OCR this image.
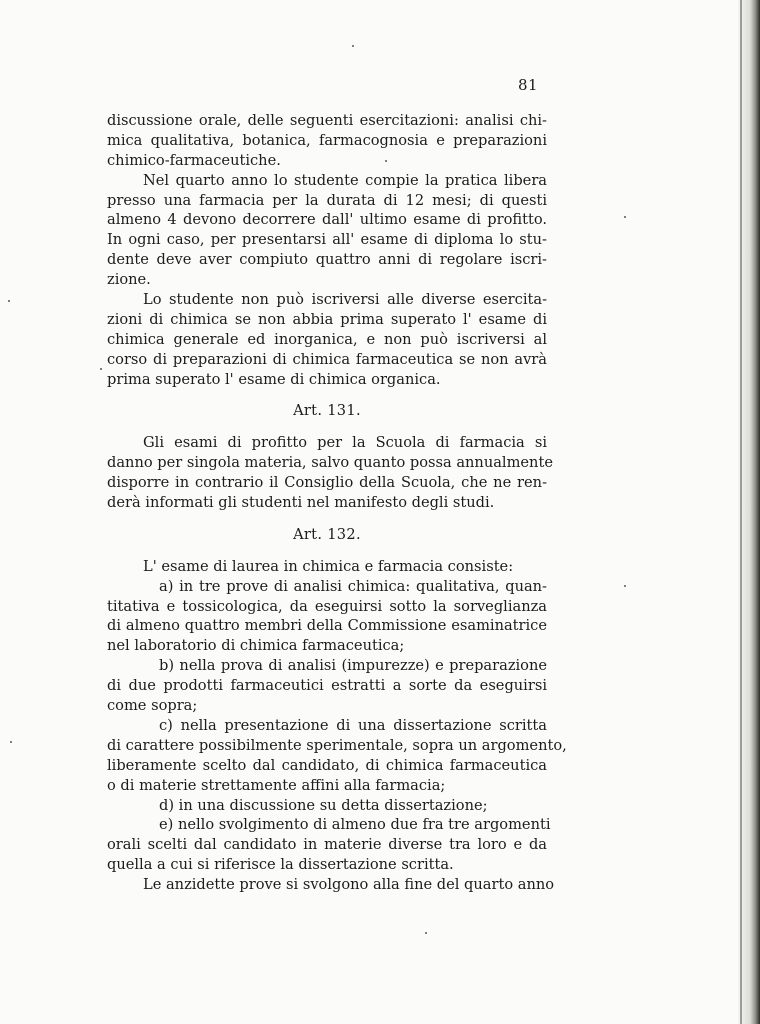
81
discussione orale, delle seguenti esercitazioni: analisi chi-
mica qualitativa, botanica, farmacognosia e preparazioni
chimico-farmaceutiche.
Nel quarto anno lo studente compie la pratica libera
presso una farmacia per la durata di 12 mesi; di questi
almeno 4 devono decorrere dall' ultimo esame di profitto.
In ogni caso, per presentarsi all' esame di diploma lo stu-
dente deve aver compiuto quattro anni di regolare iscri-
zione.
Lo studente non può iscriversi alle diverse esercita-
zioni di chimica se non abbia prima superato l' esame di
chimica generale ed inorganica, e non può iscriversi al
corso di preparazioni di chimica farmaceutica se non avrà
prima superato l' esame di chimica organica.
Art. 131.
Gli esami di profitto per la Scuola di farmacia si
danno per singola materia, salvo quanto possa annualmente
disporre in contrario il Consiglio della Scuola, che ne ren-
derà informati gli studenti nel manifesto degli studi.
Art. 132.
L' esame di laurea in chimica e farmacia consiste:
a) in tre prove di analisi chimica: qualitativa, quan-
titativa e tossicologica, da eseguirsi sotto la sorveglianza
di almeno quattro membri della Commissione esaminatrice
nel laboratorio di chimica farmaceutica;
b) nella prova di analisi (impurezze) e preparazione
di due prodotti farmaceutici estratti a sorte da eseguirsi
come sopra;
c) nella presentazione di una dissertazione scritta
di carattere possibilmente sperimentale, sopra un argomento,
liberamente scelto dal candidato, di chimica farmaceutica
o di materie strettamente affini alla farmacia;
d) in una discussione su detta dissertazione;
e) nello svolgimento di almeno due fra tre argomenti
orali scelti dal candidato in materie diverse tra loro e da
quella a cui si riferisce la dissertazione scritta.
Le anzidette prove si svolgono alla fine del quarto anno
